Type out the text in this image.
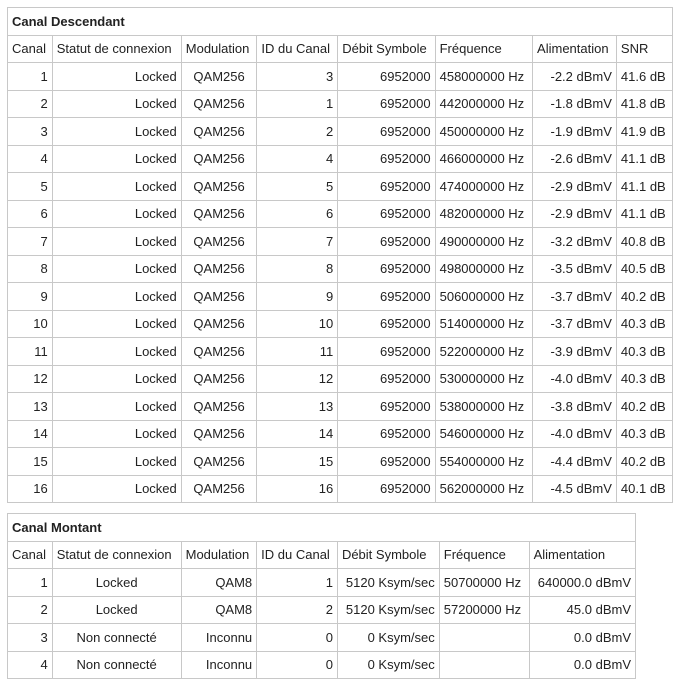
Canal Descendant							
Canal	Statut de connexion	Modulation	ID du Canal	Débit Symbole	Fréquence	Alimentation	SNR
1	Locked	QAM256	3	6952000	458000000 Hz	-2.2 dBmV	41.6 dB
2	Locked	QAM256	1	6952000	442000000 Hz	-1.8 dBmV	41.8 dB
3	Locked	QAM256	2	6952000	450000000 Hz	-1.9 dBmV	41.9 dB
4	Locked	QAM256	4	6952000	466000000 Hz	-2.6 dBmV	41.1 dB
5	Locked	QAM256	5	6952000	474000000 Hz	-2.9 dBmV	41.1 dB
6	Locked	QAM256	6	6952000	482000000 Hz	-2.9 dBmV	41.1 dB
7	Locked	QAM256	7	6952000	490000000 Hz	-3.2 dBmV	40.8 dB
8	Locked	QAM256	8	6952000	498000000 Hz	-3.5 dBmV	40.5 dB
9	Locked	QAM256	9	6952000	506000000 Hz	-3.7 dBmV	40.2 dB
10	Locked	QAM256	10	6952000	514000000 Hz	-3.7 dBmV	40.3 dB
11	Locked	QAM256	11	6952000	522000000 Hz	-3.9 dBmV	40.3 dB
12	Locked	QAM256	12	6952000	530000000 Hz	-4.0 dBmV	40.3 dB
13	Locked	QAM256	13	6952000	538000000 Hz	-3.8 dBmV	40.2 dB
14	Locked	QAM256	14	6952000	546000000 Hz	-4.0 dBmV	40.3 dB
15	Locked	QAM256	15	6952000	554000000 Hz	-4.4 dBmV	40.2 dB
16	Locked	QAM256	16	6952000	562000000 Hz	-4.5 dBmV	40.1 dB
Canal Montant						
Canal	Statut de connexion	Modulation	ID du Canal	Débit Symbole	Fréquence	Alimentation
1	Locked	QAM8	1	5120 Ksym/sec	50700000 Hz	640000.0 dBmV
2	Locked	QAM8	2	5120 Ksym/sec	57200000 Hz	45.0 dBmV
3	Non connecté	Inconnu	0	0 Ksym/sec		0.0 dBmV
4	Non connecté	Inconnu	0	0 Ksym/sec		0.0 dBmV
